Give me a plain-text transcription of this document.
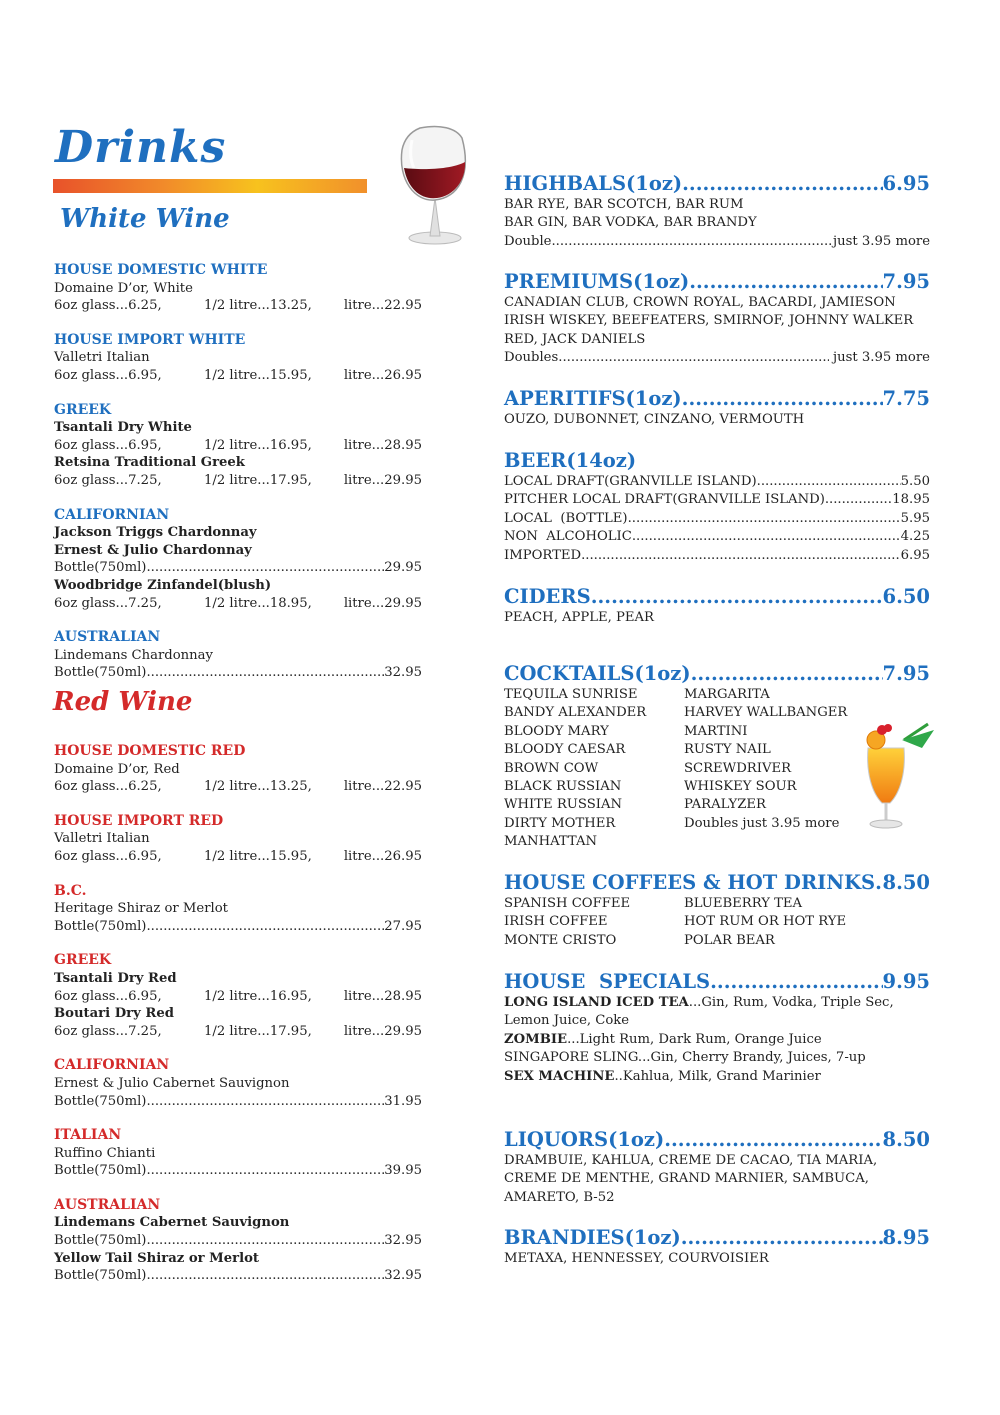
Drinks
White Wine
HOUSE DOMESTIC WHITE
Domaine D’or, White
6oz glass...6.25,	1/2 litre...13.25, litre...22.95
HOUSE IMPORT WHITE
Valletri Italian
6oz glass...6.95,	1/2 litre...15.95, litre...26.95
GREEK
Tsantali Dry White
6oz glass...6.95,	1/2 litre...16.95, litre...28.95
Retsina Traditional Greek
6oz glass...7.25,	1/2 litre...17.95, litre...29.95
CALIFORNIAN
Jackson Triggs Chardonnay
Ernest & Julio Chardonnay
Bottle(750ml) .....	29.95
Woodbridge Zinfandel(blush)
6oz glass...7.25,	1/2 litre...18.95, litre...29.95
AUSTRALIAN
Lindemans Chardonnay
Bottle(750ml) .....	32.95
Red Wine
HOUSE DOMESTIC RED
Domaine D’or, Red
6oz glass...6.25,	1/2 litre...13.25, litre...22.95
HOUSE IMPORT RED
Valletri Italian
6oz glass...6.95,	1/2 litre...15.95, litre...26.95
B.C.
Heritage Shiraz or Merlot
Bottle(750ml) .....	27.95
GREEK
Tsantali Dry Red
6oz glass...6.95,	1/2 litre...16.95, litre...28.95
Boutari Dry Red
6oz glass...7.25,	1/2 litre...17.95, litre...29.95
CALIFORNIAN
Ernest & Julio Cabernet Sauvignon
Bottle(750ml) .....	31.95
ITALIAN
Ruffino Chianti
Bottle(750ml) .....	39.95
AUSTRALIAN
Lindemans Cabernet Sauvignon
Bottle(750ml) .....	32.95
Yellow Tail Shiraz or Merlot
Bottle(750ml) .....	32.95
HIGHBALS(1oz) .....	6.95
BAR RYE, BAR SCOTCH, BAR RUM
BAR GIN, BAR VODKA, BAR BRANDY
Double .....	just 3.95 more
PREMIUMS(1oz) .....	7.95
CANADIAN CLUB, CROWN ROYAL, BACARDI, JAMIESON
IRISH WISKEY, BEEFEATERS, SMIRNOF, JOHNNY WALKER
RED, JACK DANIELS
Doubles .....	just 3.95 more
APERITIFS(1oz) .....	7.75
OUZO, DUBONNET, CINZANO, VERMOUTH
BEER(14oz)
LOCAL DRAFT(GRANVILLE ISLAND) .....	5.50
PITCHER LOCAL DRAFT(GRANVILLE ISLAND) .....	18.95
LOCAL  (BOTTLE) .....	5.95
NON  ALCOHOLIC .....	4.25
IMPORTED .....	6.95
CIDERS .....	6.50
PEACH, APPLE, PEAR
COCKTAILS(1oz) .....	7.95
TEQUILA SUNRISE
BANDY ALEXANDER
BLOODY MARY
BLOODY CAESAR
BROWN COW
BLACK RUSSIAN
WHITE RUSSIAN
DIRTY MOTHER
MANHATTAN
MARGARITA
HARVEY WALLBANGER
MARTINI
RUSTY NAIL
SCREWDRIVER
WHISKEY SOUR
PARALYZER
Doubles just 3.95 more
HOUSE COFFEES & HOT DRINKS ..... 8.50
SPANISH COFFEE
IRISH COFFEE
MONTE CRISTO
BLUEBERRY TEA
HOT RUM OR HOT RYE
POLAR BEAR
HOUSE  SPECIALS .....	9.95
LONG ISLAND ICED TEA...Gin, Rum, Vodka, Triple Sec,
Lemon Juice, Coke
ZOMBIE...Light Rum, Dark Rum, Orange Juice
SINGAPORE SLING...Gin, Cherry Brandy, Juices, 7-up
SEX MACHINE..Kahlua, Milk, Grand Marinier
LIQUORS(1oz) .....	8.50
DRAMBUIE, KAHLUA, CREME DE CACAO, TIA MARIA,
CREME DE MENTHE, GRAND MARNIER, SAMBUCA,
AMARETO, B-52
BRANDIES(1oz) .....	8.95
METAXA, HENNESSEY, COURVOISIER
